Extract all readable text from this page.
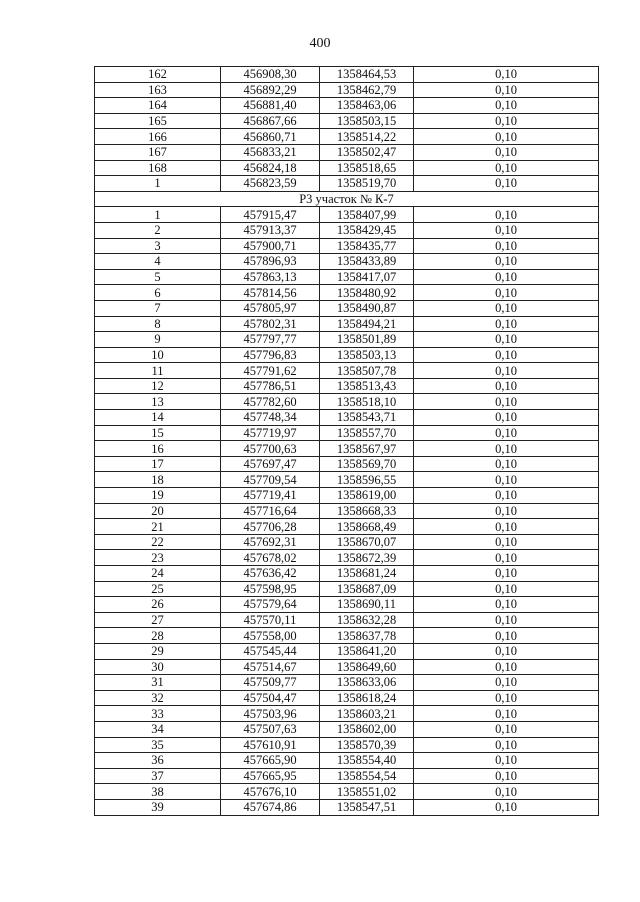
400
162	456908,30	1358464,53	0,10
163	456892,29	1358462,79	0,10
164	456881,40	1358463,06	0,10
165	456867,66	1358503,15	0,10
166	456860,71	1358514,22	0,10
167	456833,21	1358502,47	0,10
168	456824,18	1358518,65	0,10
1	456823,59	1358519,70	0,10
Р3 участок № К-7			
1	457915,47	1358407,99	0,10
2	457913,37	1358429,45	0,10
3	457900,71	1358435,77	0,10
4	457896,93	1358433,89	0,10
5	457863,13	1358417,07	0,10
6	457814,56	1358480,92	0,10
7	457805,97	1358490,87	0,10
8	457802,31	1358494,21	0,10
9	457797,77	1358501,89	0,10
10	457796,83	1358503,13	0,10
11	457791,62	1358507,78	0,10
12	457786,51	1358513,43	0,10
13	457782,60	1358518,10	0,10
14	457748,34	1358543,71	0,10
15	457719,97	1358557,70	0,10
16	457700,63	1358567,97	0,10
17	457697,47	1358569,70	0,10
18	457709,54	1358596,55	0,10
19	457719,41	1358619,00	0,10
20	457716,64	1358668,33	0,10
21	457706,28	1358668,49	0,10
22	457692,31	1358670,07	0,10
23	457678,02	1358672,39	0,10
24	457636,42	1358681,24	0,10
25	457598,95	1358687,09	0,10
26	457579,64	1358690,11	0,10
27	457570,11	1358632,28	0,10
28	457558,00	1358637,78	0,10
29	457545,44	1358641,20	0,10
30	457514,67	1358649,60	0,10
31	457509,77	1358633,06	0,10
32	457504,47	1358618,24	0,10
33	457503,96	1358603,21	0,10
34	457507,63	1358602,00	0,10
35	457610,91	1358570,39	0,10
36	457665,90	1358554,40	0,10
37	457665,95	1358554,54	0,10
38	457676,10	1358551,02	0,10
39	457674,86	1358547,51	0,10
